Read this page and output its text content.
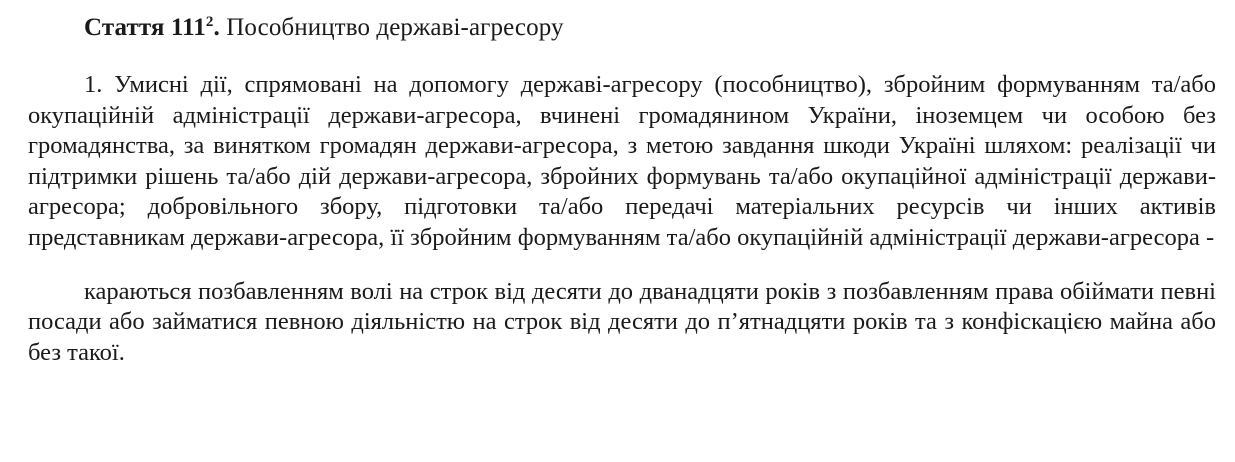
Стаття $111^2$. Пособництво державі-агресору

1. Умисні дії, спрямовані на допомогу державі-агресору (пособництво), збройним формуванням та/або окупаційній адміністрації держави-агресора, вчинені громадянином України, іноземцем чи особою без громадянства, за винятком громадян держави-агресора, з метою завдання шкоди Україні шляхом: реалізації чи підтримки рішень та/або дій держави-агресора, збройних формувань та/або окупаційної адміністрації держави-агресора; добровільного збору, підготовки та/або передачі матеріальних ресурсів чи інших активів представникам держави-агресора, її збройним формуванням та/або окупаційній адміністрації держави-агресора -

караються позбавленням волі на строк від десяти до дванадцяти років з позбавленням права обіймати певні посади або займатися певною діяльністю на строк від десяти до п’ятнадцяти років та з конфіскацією майна або без такої.
